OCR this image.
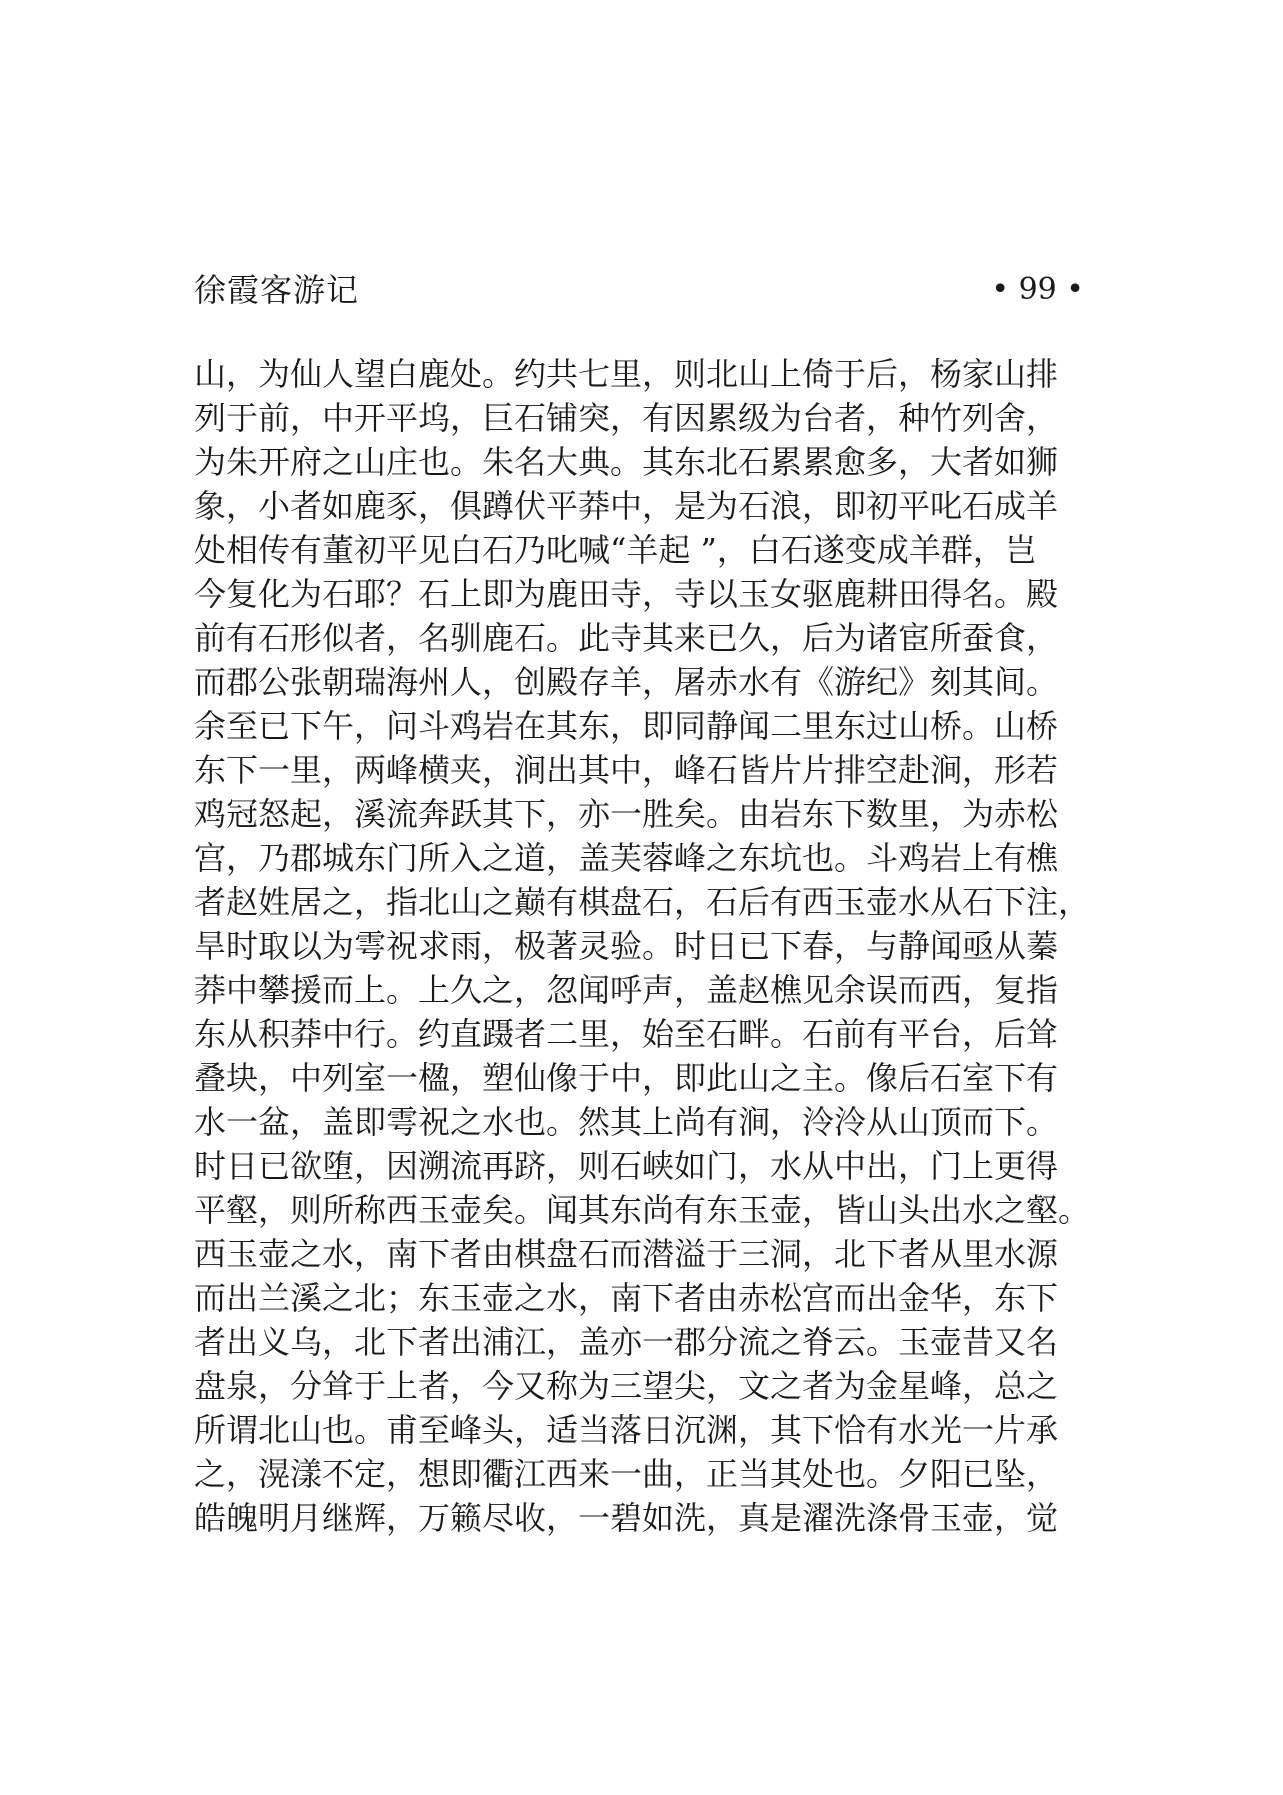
徐霞客游记	• 99 •
山，为仙人望白鹿处。约共七里，则北山上倚于后，杨家山排
列于前，中开平坞，巨石铺突，有因累级为台者，种竹列舍，
为朱开府之山庄也。朱名大典。其东北石累累愈多，大者如狮
象，小者如鹿豕，俱蹲伏平莽中，是为石浪，即初平叱石成羊
处相传有董初平见白石乃叱喊“羊起 ”，白石遂变成羊群，岂
今复化为石耶？石上即为鹿田寺，寺以玉女驱鹿耕田得名。殿
前有石形似者，名驯鹿石。此寺其来已久，后为诸宦所蚕食，
而郡公张朝瑞海州人，创殿存羊，屠赤水有《游纪》刻其间。
余至已下午，问斗鸡岩在其东，即同静闻二里东过山桥。山桥
东下一里，两峰横夹，涧出其中，峰石皆片片排空赴涧，形若
鸡冠怒起，溪流奔跃其下，亦一胜矣。由岩东下数里，为赤松
宫，乃郡城东门所入之道，盖芙蓉峰之东坑也。斗鸡岩上有樵
者赵姓居之，指北山之巅有棋盘石，石后有西玉壶水从石下注，
旱时取以为雩祝求雨，极著灵验。时日已下春，与静闻亟从蓁
莽中攀援而上。上久之，忽闻呼声，盖赵樵见余误而西，复指
东从积莽中行。约直蹑者二里，始至石畔。石前有平台，后耸
叠块，中列室一楹，塑仙像于中，即此山之主。像后石室下有
水一盆，盖即雩祝之水也。然其上尚有涧，泠泠从山顶而下。
时日已欲堕，因溯流再跻，则石峡如门，水从中出，门上更得
平壑，则所称西玉壶矣。闻其东尚有东玉壶，皆山头出水之壑。
西玉壶之水，南下者由棋盘石而潜溢于三洞，北下者从里水源
而出兰溪之北；东玉壶之水，南下者由赤松宫而出金华，东下
者出义乌，北下者出浦江，盖亦一郡分流之脊云。玉壶昔又名
盘泉，分耸于上者，今又称为三望尖，文之者为金星峰，总之
所谓北山也。甫至峰头，适当落日沉渊，其下恰有水光一片承
之，滉漾不定，想即衢江西来一曲，正当其处也。夕阳已坠，
皓魄明月继辉，万籁尽收，一碧如洗，真是濯洗涤骨玉壶，觉
